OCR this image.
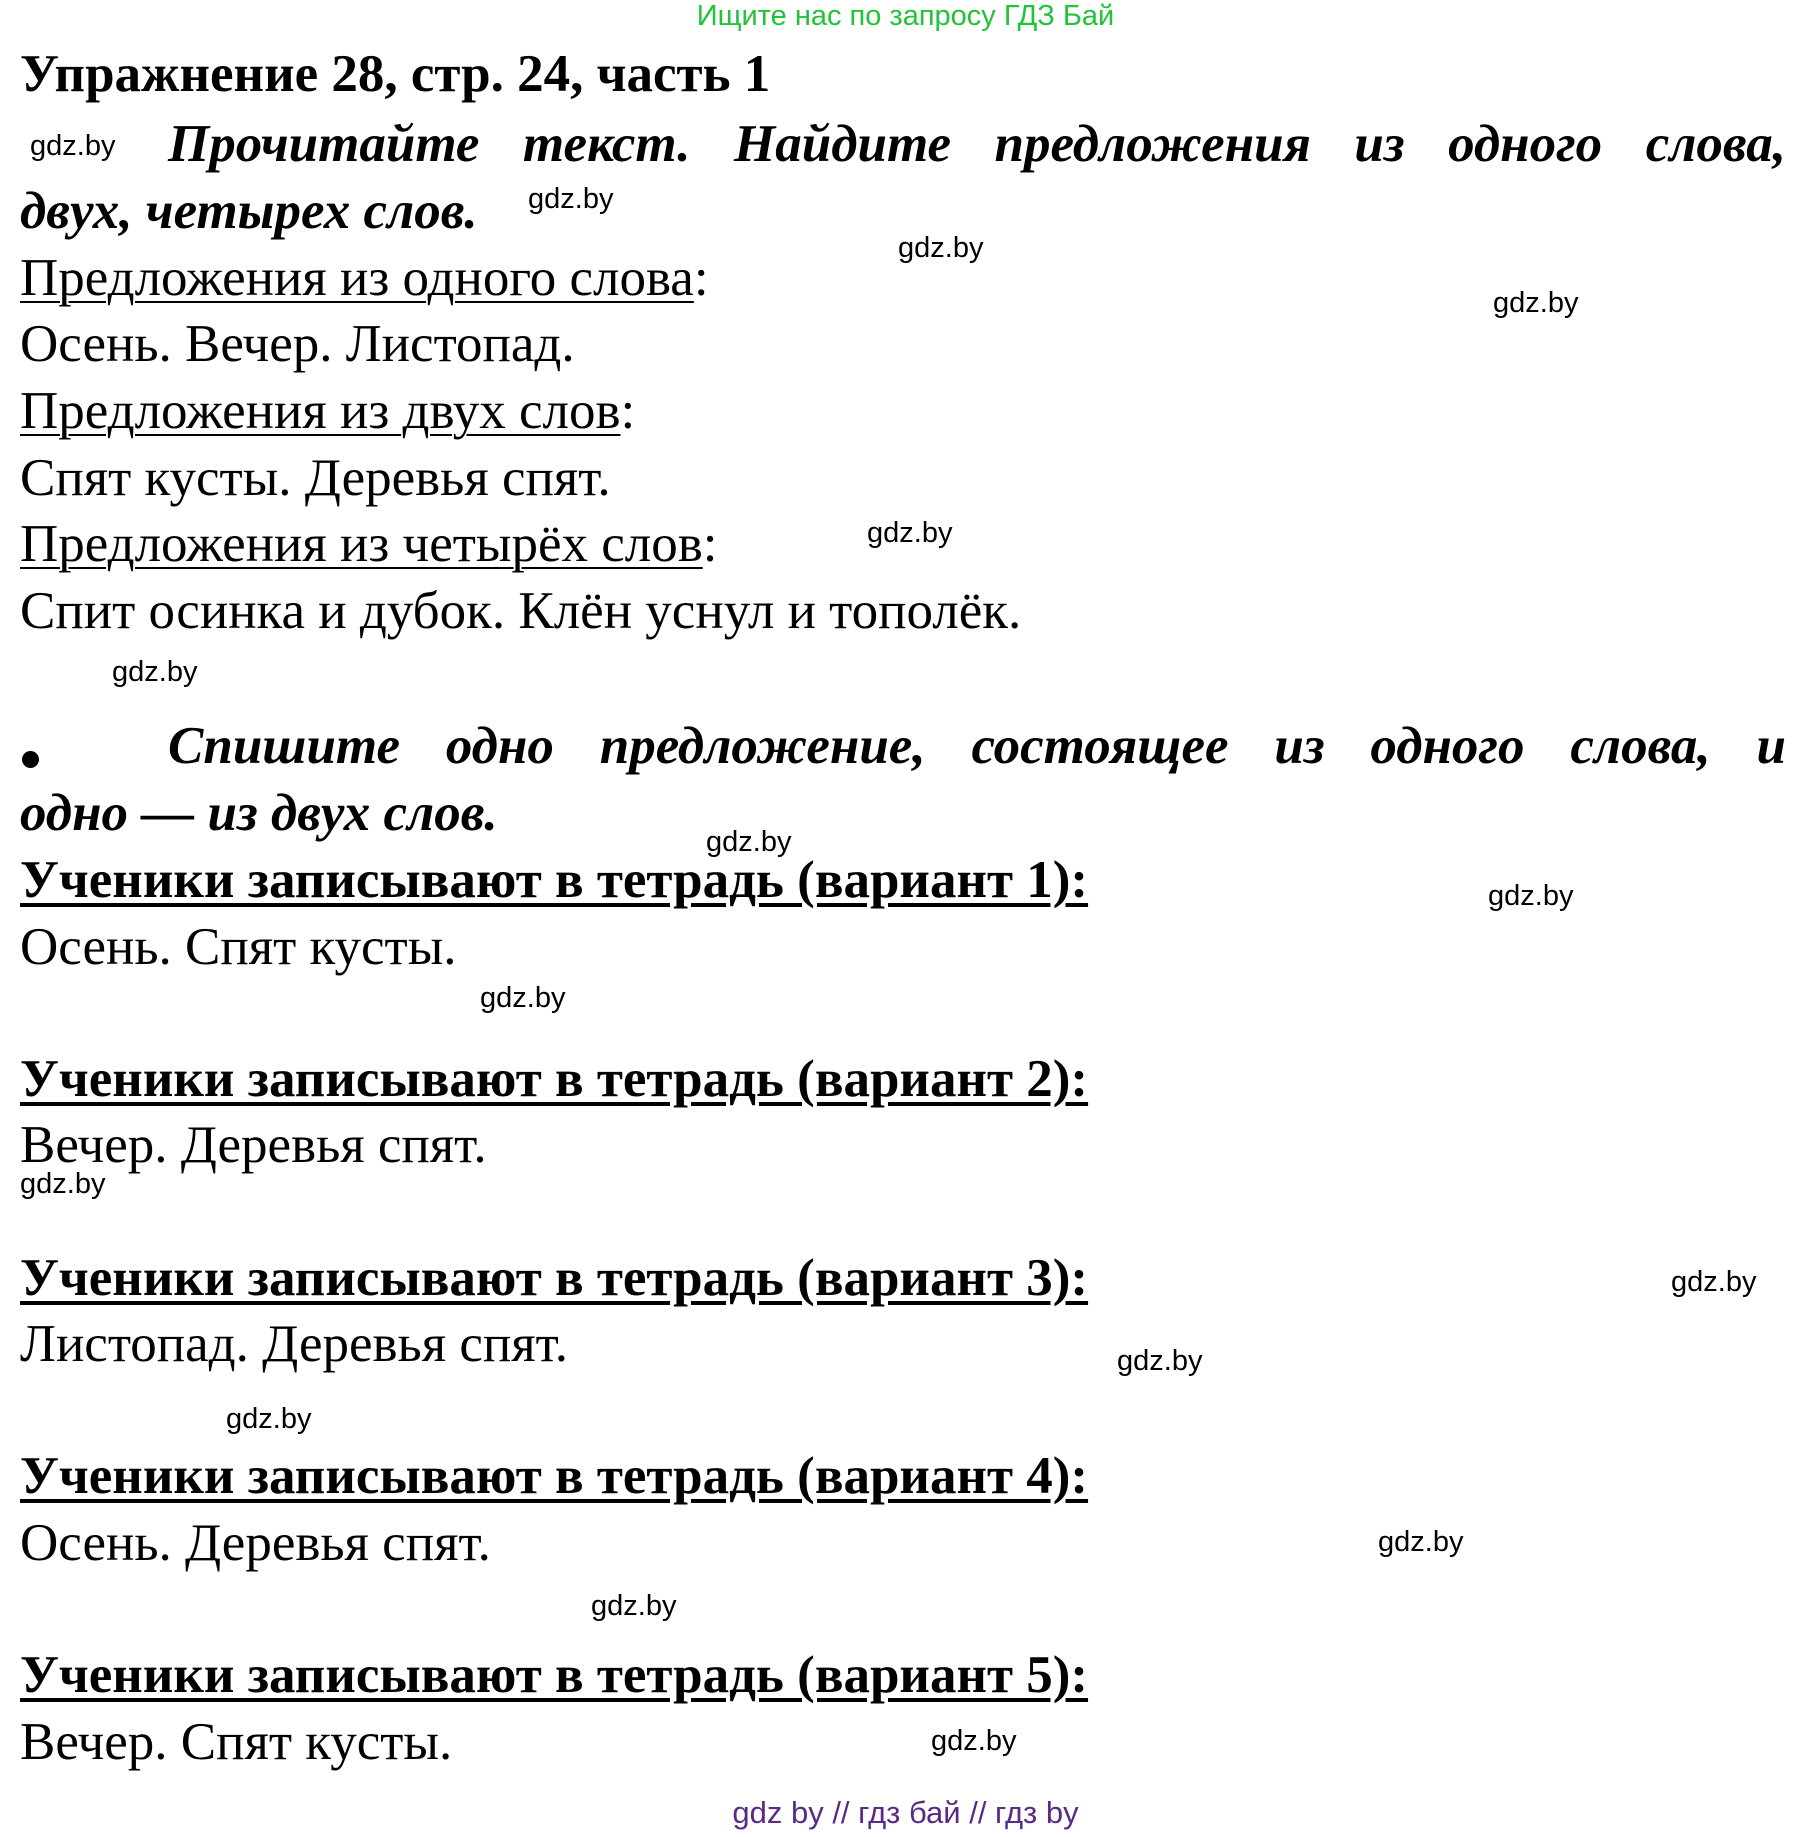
Ищите нас по запросу ГДЗ Бай
Упражнение 28, стр. 24, часть 1
gdz.by Прочитайте текст. Найдите предложения из одного слова,
двух, четырех слов. gdz.by
gdz.by
Предложения из одного слова:	gdz.by
Осень. Вечер. Листопад.
Предложения из двух слов:
Спят кусты. Деревья спят.
Предложения из четырёх слов:	gdz.by
Спит осинка и дубок. Клён уснул и тополёк.
gdz.by
Спишите одно предложение, состоящее из одного слова, и
одно — из двух слов.	gdz.by
Ученики записывают в тетрадь (вариант 1):	gdz.by
Осень. Спят кусты.
gdz.by
Ученики записывают в тетрадь (вариант 2):
Вечер. Деревья спят.
gdz.by
Ученики записывают в тетрадь (вариант 3):	gdz.by
Листопад. Деревья спят.	gdz.by
gdz.by
Ученики записывают в тетрадь (вариант 4):
gdz.by
Осень. Деревья спят.
gdz.by
Ученики записывают в тетрадь (вариант 5):
Вечер. Спят кусты.	gdz.by
gdz by // гдз бай // гдз by
